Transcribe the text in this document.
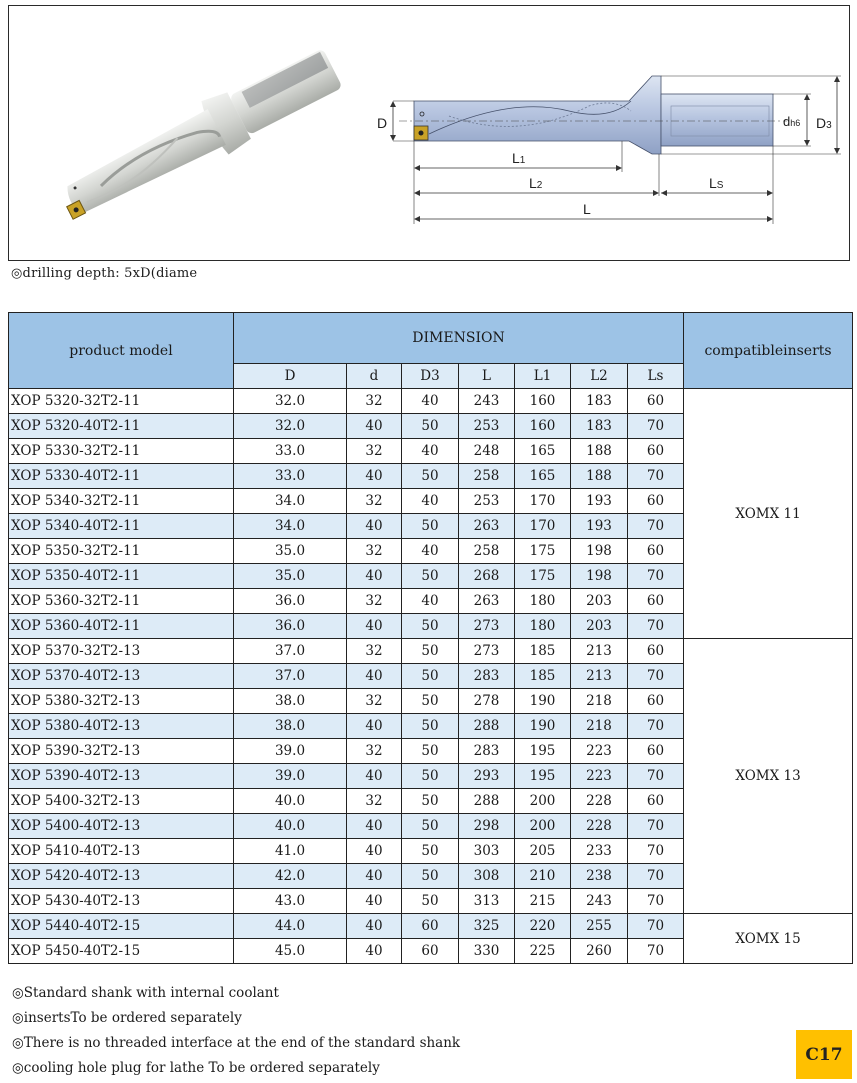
D	dh6 D3
L1
L2	LS
L
◎drilling depth: 5xD(diame
product model	DIMENSION							compatibleinserts
	D	d	D3	L	L1	L2	Ls	
XOP 5320-32T2-11	32.0	32	40	243	160	183	60	XOMX 11
XOP 5320-40T2-11	32.0	40	50	253	160	183	70	
XOP 5330-32T2-11	33.0	32	40	248	165	188	60	
XOP 5330-40T2-11	33.0	40	50	258	165	188	70	
XOP 5340-32T2-11	34.0	32	40	253	170	193	60	
XOP 5340-40T2-11	34.0	40	50	263	170	193	70	
XOP 5350-32T2-11	35.0	32	40	258	175	198	60	
XOP 5350-40T2-11	35.0	40	50	268	175	198	70	
XOP 5360-32T2-11	36.0	32	40	263	180	203	60	
XOP 5360-40T2-11	36.0	40	50	273	180	203	70	
XOP 5370-32T2-13	37.0	32	50	273	185	213	60	XOMX 13
XOP 5370-40T2-13	37.0	40	50	283	185	213	70	
XOP 5380-32T2-13	38.0	32	50	278	190	218	60	
XOP 5380-40T2-13	38.0	40	50	288	190	218	70	
XOP 5390-32T2-13	39.0	32	50	283	195	223	60	
XOP 5390-40T2-13	39.0	40	50	293	195	223	70	
XOP 5400-32T2-13	40.0	32	50	288	200	228	60	
XOP 5400-40T2-13	40.0	40	50	298	200	228	70	
XOP 5410-40T2-13	41.0	40	50	303	205	233	70	
XOP 5420-40T2-13	42.0	40	50	308	210	238	70	
XOP 5430-40T2-13	43.0	40	50	313	215	243	70	
XOP 5440-40T2-15	44.0	40	60	325	220	255	70	XOMX 15
XOP 5450-40T2-15	45.0	40	60	330	225	260	70	
◎Standard shank with internal coolant
◎insertsTo be ordered separately
◎There is no threaded interface at the end of the standard shank
◎cooling hole plug for lathe To be ordered separately
C17
